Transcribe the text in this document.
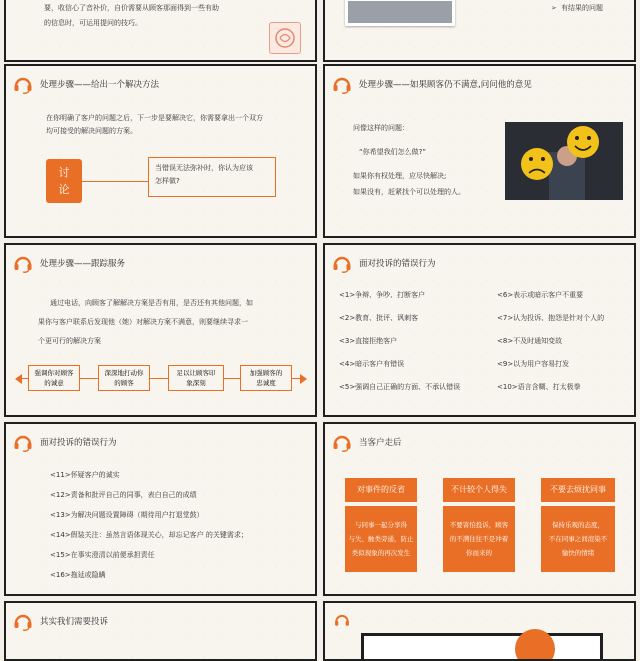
要，收信心了音补价，自价需要从顾客那面得到一些有助
的信息时，可运用提问的技巧。
➢ 有结果的问题
处理步骤——给出一个解决方法
在你明确了客户的问题之后，下一步是要解决它，你需要拿出一个双方
均可接受的解决问题的方案。
讨
论
当错误无法弥补时，你认为应该
怎样做?
处理步骤——如果顾客仍不满意,问问他的意见
问像这样的问题：
“你希望我们怎么做?”
如果你有权处理，应尽快解决;
如果没有，赶紧找个可以处理的人。
处理步骤——跟踪服务
通过电话，向顾客了解解决方案是否有用，是否还有其他问题，如
果你与客户联系后发现他（她）对解决方案不满意，则要继续寻求一
个更可行的解决方案
强调你对顾客
的诚意
深深地打动你
的顾客
足以让顾客印
象深刻
加强顾客的
忠诚度
面对投诉的错误行为
<1>争辩、争吵、打断客户
<2>教育、批评、讽刺客
<3>直接拒绝客户
<4>暗示客户有错误
<5>强调自己正确的方面、不承认错误
<6>表示或暗示客户不重要
<7>认为投诉、抱怨是针对个人的
<8>不及时通知变故
<9>以为用户容易打发
<10>语言含糊、打太极拳
面对投诉的错误行为
<11>怀疑客户的诚实
<12>责备和批评自己的同事，表白自己的成绩
<13>为解决问题设置障碍（期待用户打退堂鼓）
<14>假装关注：虽然言语体现关心，却忘记客户 的关键需求；
<15>在事实澄清以前便承担责任
<16>拖延或隐瞒
当客户走后
对事件的反省
与同事一起分享得
与失、触类旁通，防止
类似现象的再次发生
不计较个人得失
不要害怕投诉，顾客
的不满往往不是冲着
你而来的
不要去烦扰同事
保持乐观的态度，
不在同事之间渲染不
愉快的情绪
其实我们需要投诉
